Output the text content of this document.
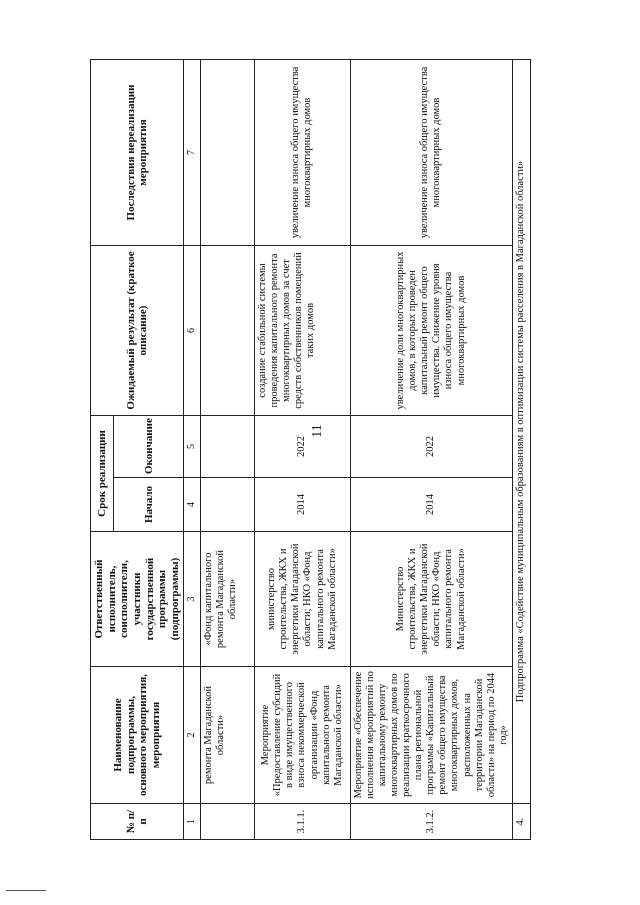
11
№ п/п	Наименование подпрограммы, основного мероприятия, мероприятия	Ответственный исполнитель, соисполнители, участники государственной программы (подпрограммы)	Срок реализации		Ожидаемый результат (краткое описание)	Последствия нереализации мероприятия
			Начало	Окончание		
1	2	3	4	5	6	7
	ремонта Магаданской области»	«Фонд капитального ремонта Магаданской области»				
3.1.1.	Мероприятие «Предоставление субсидий в виде имущественного взноса некоммерческой организации «Фонд капитального ремонта Магаданской области»	министерство строительства, ЖКХ и энергетики Магаданской области; НКО «Фонд капитального ремонта Магаданской области»	2014	2022	создание стабильной системы проведения капитального ремонта многоквартирных домов за счет средств собственников помещений таких домов	увеличение износа общего имущества многоквартирных домов
3.1.2.	Мероприятие «Обеспечение исполнения мероприятий по капитальному ремонту многоквартирных домов по реализации краткосрочного плана региональной программы «Капитальный ремонт общего имущества многоквартирных домов, расположенных на территории Магаданской области» на период по 2044 год»	Министерство строительства, ЖКХ и энергетики Магаданской области; НКО «Фонд капитального ремонта Магаданской области»	2014	2022	увеличение доли многоквартирных домов, в которых проведен капитальный ремонт общего имущества. Снижение уровня износа общего имущества многоквартирных домов	увеличение износа общего имущества многоквартирных домов
4.	Подпрограмма «Содействие муниципальным образованиям в оптимизации системы расселения в Магаданской области»					
